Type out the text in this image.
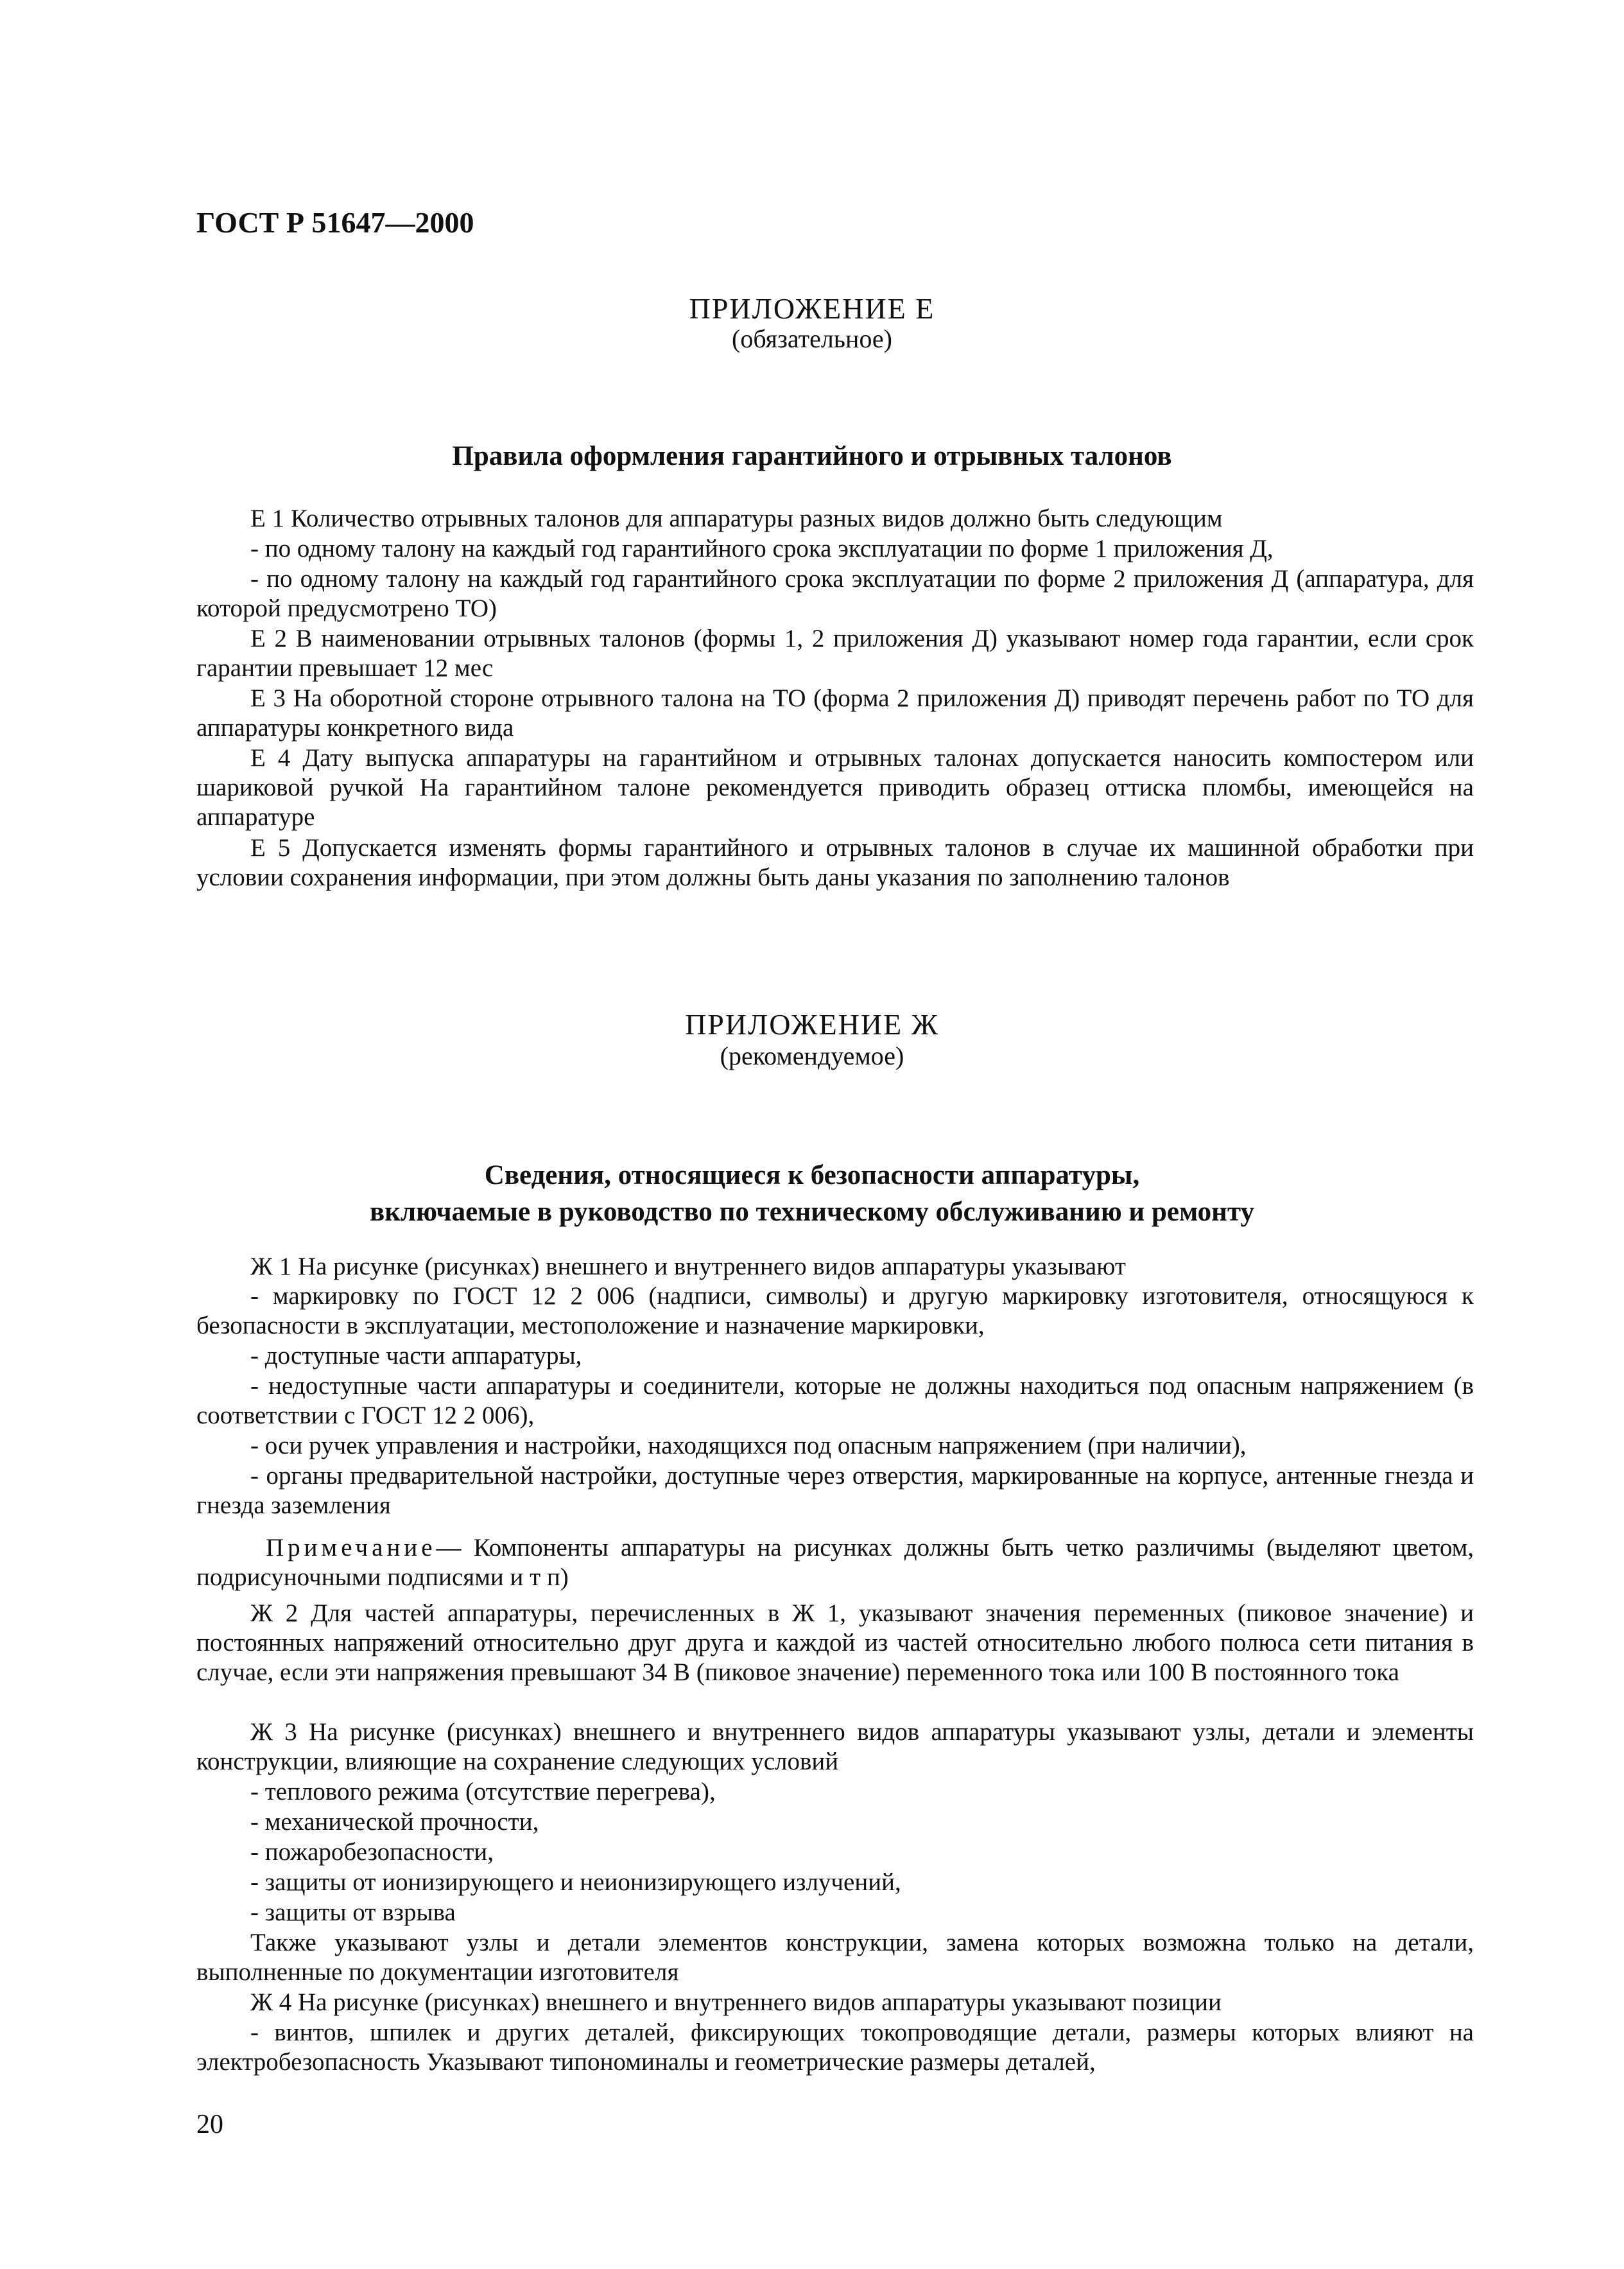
ГОСТ Р 51647—2000
ПРИЛОЖЕНИЕ Е
(обязательное)
Правила оформления гарантийного и отрывных талонов
Е 1 Количество отрывных талонов для аппаратуры разных видов должно быть следующим
- по одному талону на каждый год гарантийного срока эксплуатации по форме 1 приложения Д,
- по одному талону на каждый год гарантийного срока эксплуатации по форме 2 приложения Д (аппаратура, для которой предусмотрено ТО)
Е 2 В наименовании отрывных талонов (формы 1, 2 приложения Д) указывают номер года гарантии, если срок гарантии превышает 12 мес
Е 3 На оборотной стороне отрывного талона на ТО (форма 2 приложения Д) приводят перечень работ по ТО для аппаратуры конкретного вида
Е 4 Дату выпуска аппаратуры на гарантийном и отрывных талонах допускается наносить компостером или шариковой ручкой На гарантийном талоне рекомендуется приводить образец оттиска пломбы, имеющейся на аппаратуре
Е 5 Допускается изменять формы гарантийного и отрывных талонов в случае их машинной обработки при условии сохранения информации, при этом должны быть даны указания по заполнению талонов
ПРИЛОЖЕНИЕ Ж
(рекомендуемое)
Сведения, относящиеся к безопасности аппаратуры,
включаемые в руководство по техническому обслуживанию и ремонту
Ж 1 На рисунке (рисунках) внешнего и внутреннего видов аппаратуры указывают
- маркировку по ГОСТ 12 2 006 (надписи, символы) и другую маркировку изготовителя, относящуюся к безопасности в эксплуатации, местоположение и назначение маркировки,
- доступные части аппаратуры,
- недоступные части аппаратуры и соединители, которые не должны находиться под опасным напряжением (в соответствии с ГОСТ 12 2 006),
- оси ручек управления и настройки, находящихся под опасным напряжением (при наличии),
- органы предварительной настройки, доступные через отверстия, маркированные на корпусе, антенные гнезда и гнезда заземления
Примечание— Компоненты аппаратуры на рисунках должны быть четко различимы (выделяют цветом, подрисуночными подписями и т п)
Ж 2 Для частей аппаратуры, перечисленных в Ж 1, указывают значения переменных (пиковое значение) и постоянных напряжений относительно друг друга и каждой из частей относительно любого полюса сети питания в случае, если эти напряжения превышают 34 В (пиковое значение) переменного тока или 100 В постоянного тока
Ж 3 На рисунке (рисунках) внешнего и внутреннего видов аппаратуры указывают узлы, детали и элементы конструкции, влияющие на сохранение следующих условий
- теплового режима (отсутствие перегрева),
- механической прочности,
- пожаробезопасности,
- защиты от ионизирующего и неионизирующего излучений,
- защиты от взрыва
Также указывают узлы и детали элементов конструкции, замена которых возможна только на детали, выполненные по документации изготовителя
Ж 4 На рисунке (рисунках) внешнего и внутреннего видов аппаратуры указывают позиции
- винтов, шпилек и других деталей, фиксирующих токопроводящие детали, размеры которых влияют на электробезопасность Указывают типономиналы и геометрические размеры деталей,
20
